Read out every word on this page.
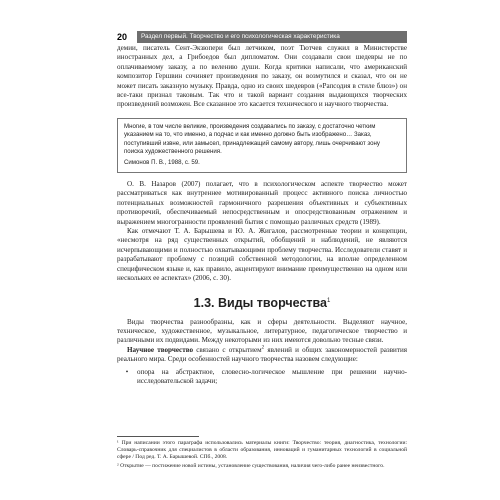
20	Раздел первый. Творчество и его психологическая характеристика

демии, писатель Сент-Экзюпери был летчиком, поэт Тютчев служил в Министерстве иностранных дел, а Грибоедов был дипломатом. Они создавали свои шедевры не по оплачиваемому заказу, а по велению души. Когда критики написали, что американский композитор Гершвин сочиняет произведения по заказу, он возмутился и сказал, что он не может писать заказную музыку. Правда, одно из своих шедевров («Рапсодия в стиле блюз») он все-таки признал таковым. Так что и такой вариант создания выдающихся творческих произведений возможен. Все сказанное это касается технического и научного творчества.

Многие, в том числе великие, произведения создавались по заказу, с достаточно четким указанием на то, что именно, а подчас и как именно должно быть изображено… Заказ, поступивший извне, или замысел, принадлежащий самому автору, лишь очерчивают зону поиска художественного решения.
Симонов П. В., 1988, с. 59.

О. В. Назаров (2007) полагает, что в психологическом аспекте творчество может рассматриваться как внутреннее мотивированный процесс активного поиска личностью потенциальных возможностей гармоничного разрешения объективных и субъективных противоречий, обеспечиваемый непосредственным и опосредствованным отражением и выражением многогранности проявлений бытия с помощью различных средств (1989).

Как отмечают Т. А. Барышева и Ю. А. Жигалов, рассмотренные теории и концепции, «несмотря на ряд существенных открытий, обобщений и наблюдений, не являются исчерпывающими и полностью охватывающими проблему творчества. Исследователи ставят и разрабатывают проблему с позиций собственной методологии, на вполне определенном специфическом языке и, как правило, акцентируют внимание преимущественно на одном или нескольких ее аспектах» (2006, с. 30).

1.3. Виды творчества$^1$

Виды творчества разнообразны, как и сферы деятельности. Выделяют научное, техническое, художественное, музыкальное, литературное, педагогическое творчество и различными их подвидами. Между некоторыми из них имеются довольно тесные связи.

Научное творчество связано с открытием$^2$ явлений и общих закономерностей развития реального мира. Среди особенностей научного творчества назовем следующие:

•	опора на абстрактное, словесно-логическое мышление при решении научно-исследовательской задачи;

¹ При написании этого параграфа использовались материалы книги: Творчество: теория, диагностика, технологии: Словарь-справочник для специалистов в области образования, инноваций и гуманитарных технологий в социальной сфере / Под ред. Т. А. Барышевой. СПб., 2008.

² Открытие — постижение новой истины, установление существования, наличия чего-либо ранее неизвестного.
